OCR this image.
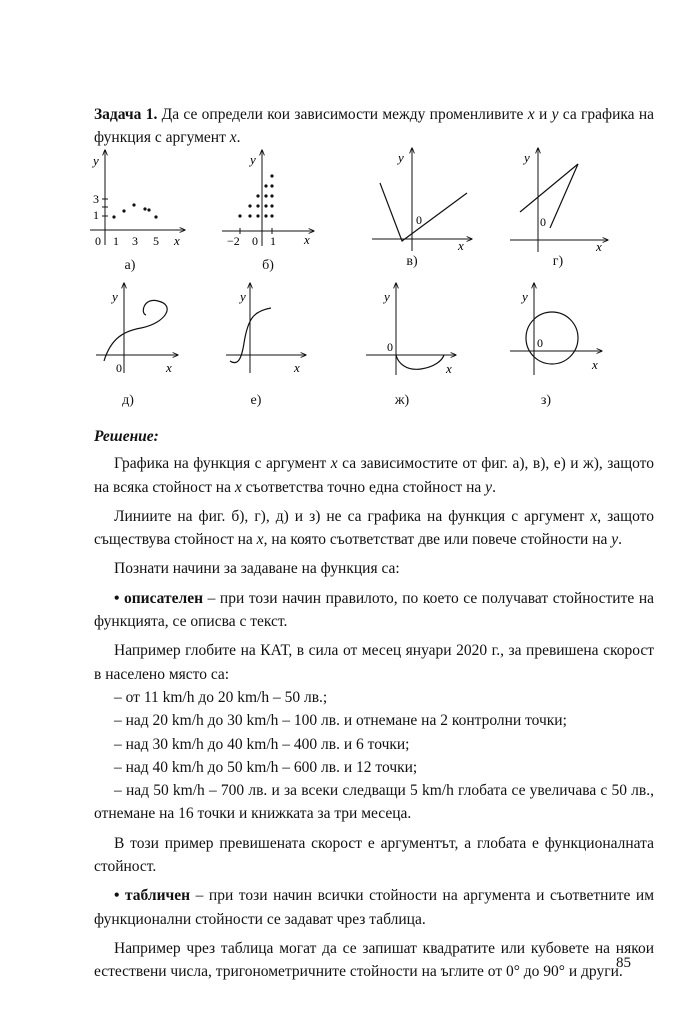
Задача 1. Да се определи кои зависимости между променливите x и y са графика на функция с аргумент x.
y
x
3
1
0 1 3 5
а)
y
x
−2 0 1
б)
y
x
0
в)
y
x
0
г)
y
x
0
д)
y
x
е)
y
x
0
ж)
y
x
0
з)

Решение:

Графика на функция с аргумент x са зависимостите от фиг. а), в), е) и ж), защото на всяка стойност на x съответства точно една стойност на y.

Линиите на фиг. б), г), д) и з) не са графика на функция с аргумент x, защото съществува стойност на x, на която съответстват две или повече стойности на y.

Познати начини за задаване на функция са:

• описателен – при този начин правилото, по което се получават стойностите на функцията, се описва с текст.

Например глобите на КАТ, в сила от месец януари 2020 г., за превишена скорост в населено място са:

– от 11 km/h до 20 km/h – 50 лв.;

– над 20 km/h до 30 km/h – 100 лв. и отнемане на 2 контролни точки;

– над 30 km/h до 40 km/h – 400 лв. и 6 точки;

– над 40 km/h до 50 km/h – 600 лв. и 12 точки;

– над 50 km/h – 700 лв. и за всеки следващи 5 km/h глобата се увеличава с 50 лв., отнемане на 16 точки и книжката за три месеца.

В този пример превишената скорост е аргументът, а глобата е функционалната стойност.

• табличен – при този начин всички стойности на аргумента и съответните им функционални стойности се задават чрез таблица.

Например чрез таблица могат да се запишат квадратите или кубовете на някои естествени числа, тригонометричните стойности на ъглите от 0° до 90° и други.

85
